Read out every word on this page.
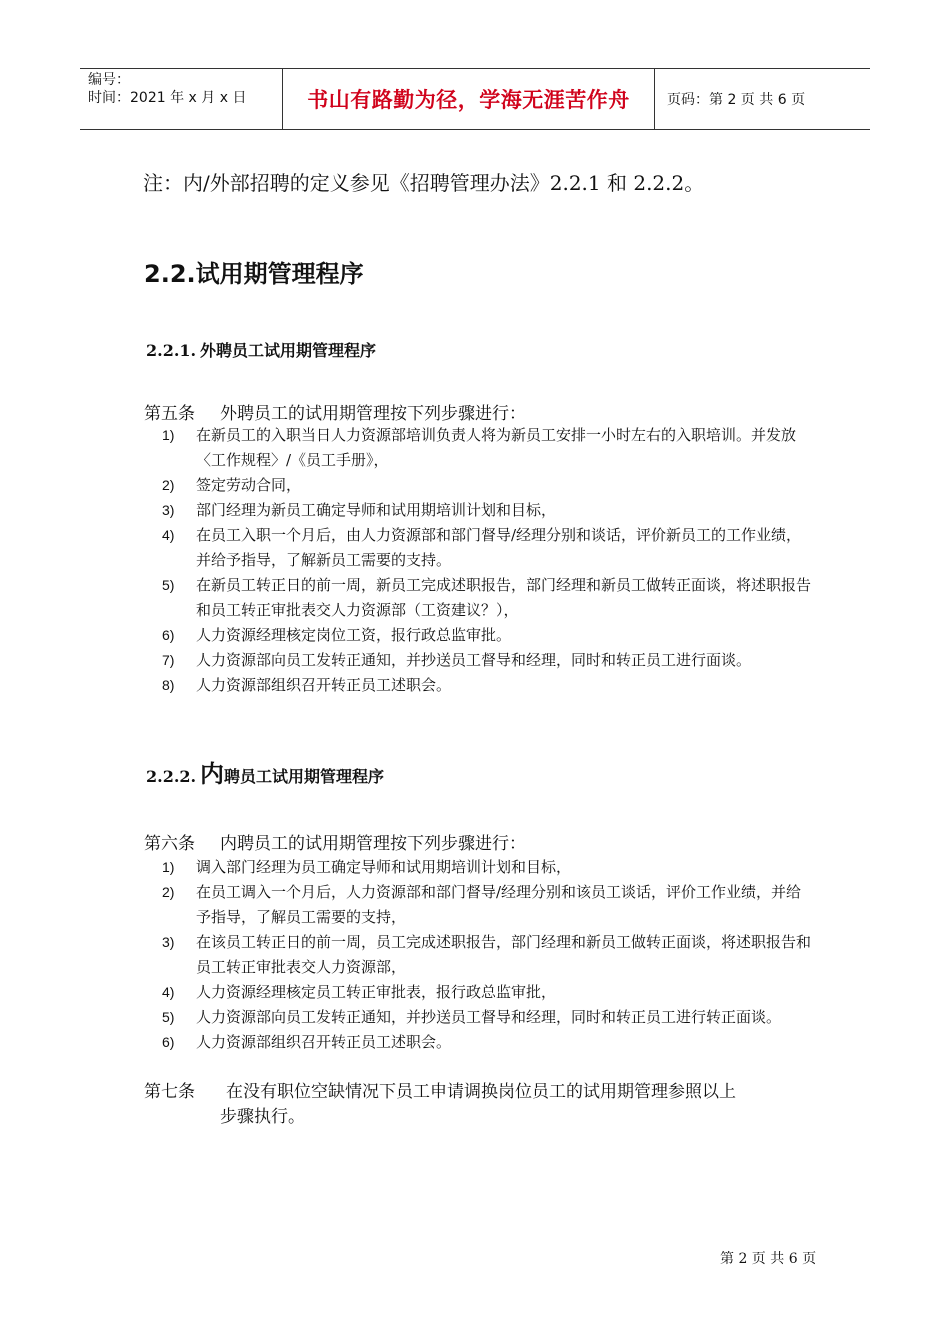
编号：
时间：2021 年 x 月 x 日	书山有路勤为径，学海无涯苦作舟	页码：第 2 页 共 6 页
注：内/外部招聘的定义参见《招聘管理办法》2.2.1 和 2.2.2。
2.2.试用期管理程序
2.2.1. 外聘员工试用期管理程序
第五条 外聘员工的试用期管理按下列步骤进行：
1) 在新员工的入职当日人力资源部培训负责人将为新员工安排一小时左右的入职培训。并发放〈工作规程〉/《员工手册》，
2) 签定劳动合同，
3) 部门经理为新员工确定导师和试用期培训计划和目标，
4) 在员工入职一个月后，由人力资源部和部门督导/经理分别和谈话，评价新员工的工作业绩，并给予指导，了解新员工需要的支持。
5) 在新员工转正日的前一周，新员工完成述职报告，部门经理和新员工做转正面谈，将述职报告和员工转正审批表交人力资源部（工资建议？），
6) 人力资源经理核定岗位工资，报行政总监审批。
7) 人力资源部向员工发转正通知，并抄送员工督导和经理，同时和转正员工进行面谈。
8) 人力资源部组织召开转正员工述职会。
2.2.2. 内聘员工试用期管理程序
第六条 内聘员工的试用期管理按下列步骤进行：
1) 调入部门经理为员工确定导师和试用期培训计划和目标，
2) 在员工调入一个月后，人力资源部和部门督导/经理分别和该员工谈话，评价工作业绩，并给予指导，了解员工需要的支持，
3) 在该员工转正日的前一周，员工完成述职报告，部门经理和新员工做转正面谈，将述职报告和员工转正审批表交人力资源部，
4) 人力资源经理核定员工转正审批表，报行政总监审批，
5) 人力资源部向员工发转正通知，并抄送员工督导和经理，同时和转正员工进行转正面谈。
6) 人力资源部组织召开转正员工述职会。
第七条 在没有职位空缺情况下员工申请调换岗位员工的试用期管理参照以上
步骤执行。
第 2 页 共 6 页
